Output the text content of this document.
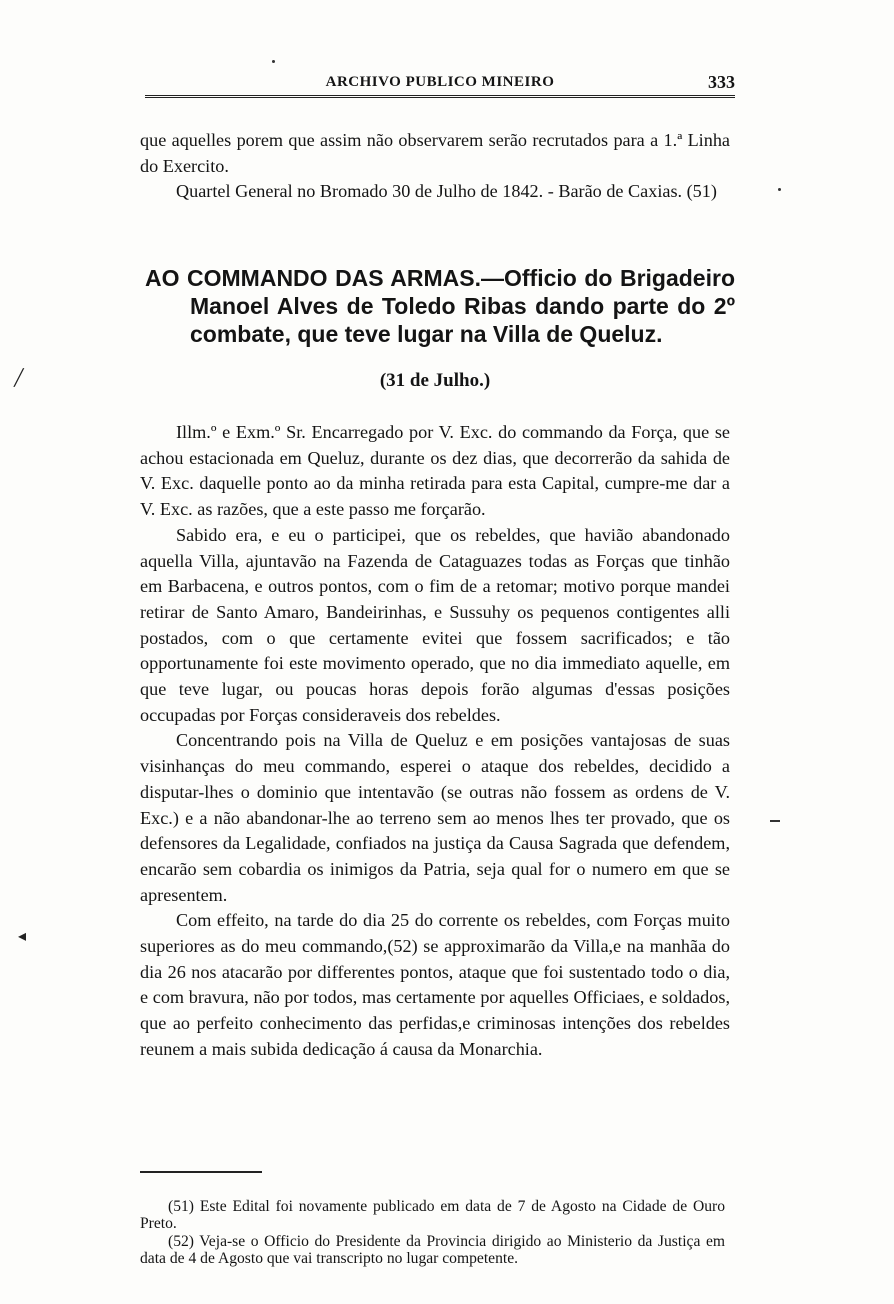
ARCHIVO PUBLICO MINEIRO	333

que aquelles porem que assim não observarem serão recrutados para a 1.ª Linha do Exercito.

Quartel General no Bromado 30 de Julho de 1842. - Barão de Caxias. (51)

AO COMMANDO DAS ARMAS.—Officio do Brigadeiro Manoel Alves de Toledo Ribas dando parte do 2º combate, que teve lugar na Villa de Queluz.
(31 de Julho.)

Illm.º e Exm.º Sr. Encarregado por V. Exc. do commando da Força, que se achou estacionada em Queluz, durante os dez dias, que decorrerão da sahida de V. Exc. daquelle ponto ao da minha retirada para esta Capital, cumpre-me dar a V. Exc. as razões, que a este passo me forçarão.

Sabido era, e eu o participei, que os rebeldes, que havião abandonado aquella Villa, ajuntavão na Fazenda de Cataguazes todas as Forças que tinhão em Barbacena, e outros pontos, com o fim de a retomar; motivo porque mandei retirar de Santo Amaro, Bandeirinhas, e Sussuhy os pequenos contigentes alli postados, com o que certamente evitei que fossem sacrificados; e tão opportunamente foi este movimento operado, que no dia immediato aquelle, em que teve lugar, ou poucas horas depois forão algumas d'essas posições occupadas por Forças consideraveis dos rebeldes.

Concentrando pois na Villa de Queluz e em posições vantajosas de suas visinhanças do meu commando, esperei o ataque dos rebeldes, decidido a disputar-lhes o dominio que intentavão (se outras não fossem as ordens de V. Exc.) e a não abandonar-lhe ao terreno sem ao menos lhes ter provado, que os defensores da Legalidade, confiados na justiça da Causa Sagrada que defendem, encarão sem cobardia os inimigos da Patria, seja qual for o numero em que se apresentem.

Com effeito, na tarde do dia 25 do corrente os rebeldes, com Forças muito superiores as do meu commando,(52) se approximarão da Villa,e na manhãa do dia 26 nos atacarão por differentes pontos, ataque que foi sustentado todo o dia, e com bravura, não por todos, mas certamente por aquelles Officiaes, e soldados, que ao perfeito conhecimento das perfidas,e criminosas intenções dos rebeldes reunem a mais subida dedicação á causa da Monarchia.

(51) Este Edital foi novamente publicado em data de 7 de Agosto na Cidade de Ouro Preto.

(52) Veja-se o Officio do Presidente da Provincia dirigido ao Ministerio da Justiça em data de 4 de Agosto que vai transcripto no lugar competente.

╱
◂
